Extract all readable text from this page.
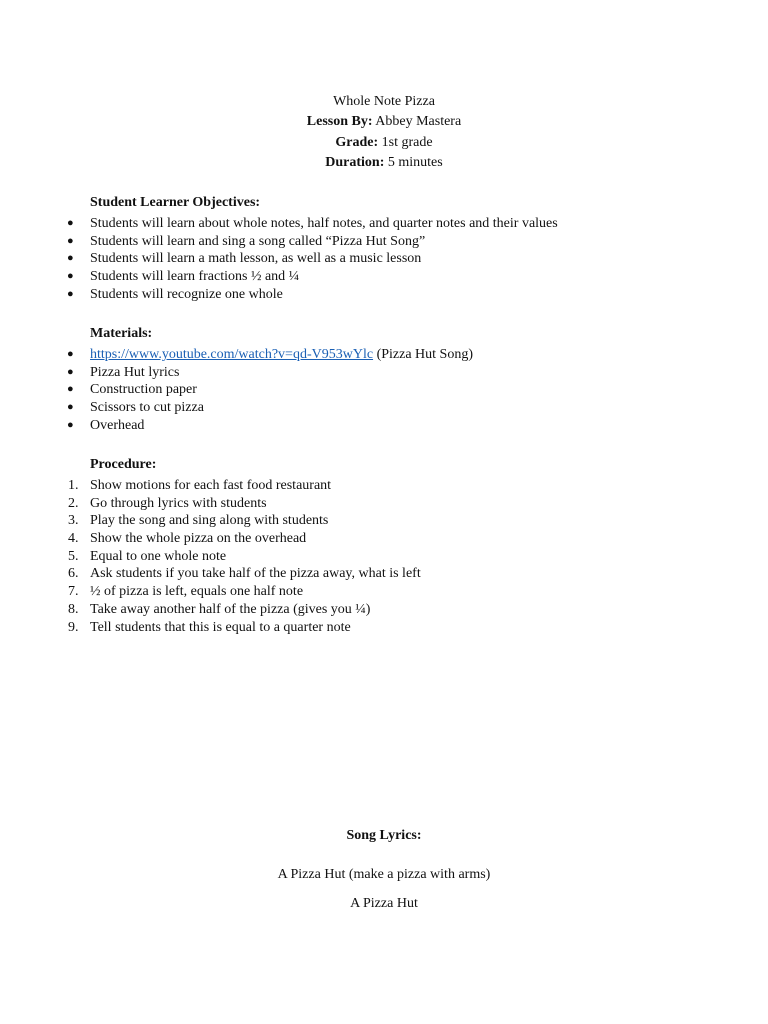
Whole Note Pizza
Lesson By: Abbey Mastera
Grade: 1st grade
Duration: 5 minutes
Student Learner Objectives:
● Students will learn about whole notes, half notes, and quarter notes and their values
● Students will learn and sing a song called “Pizza Hut Song”
● Students will learn a math lesson, as well as a music lesson
● Students will learn fractions ½ and ¼
● Students will recognize one whole
Materials:
● https://www.youtube.com/watch?v=qd-V953wYlc (Pizza Hut Song)
● Pizza Hut lyrics
● Construction paper
● Scissors to cut pizza
● Overhead
Procedure:
1. Show motions for each fast food restaurant
2. Go through lyrics with students
3. Play the song and sing along with students
4. Show the whole pizza on the overhead
5. Equal to one whole note
6. Ask students if you take half of the pizza away, what is left
7. ½ of pizza is left, equals one half note
8. Take away another half of the pizza (gives you ¼)
9. Tell students that this is equal to a quarter note
Song Lyrics:
A Pizza Hut (make a pizza with arms)
A Pizza Hut
